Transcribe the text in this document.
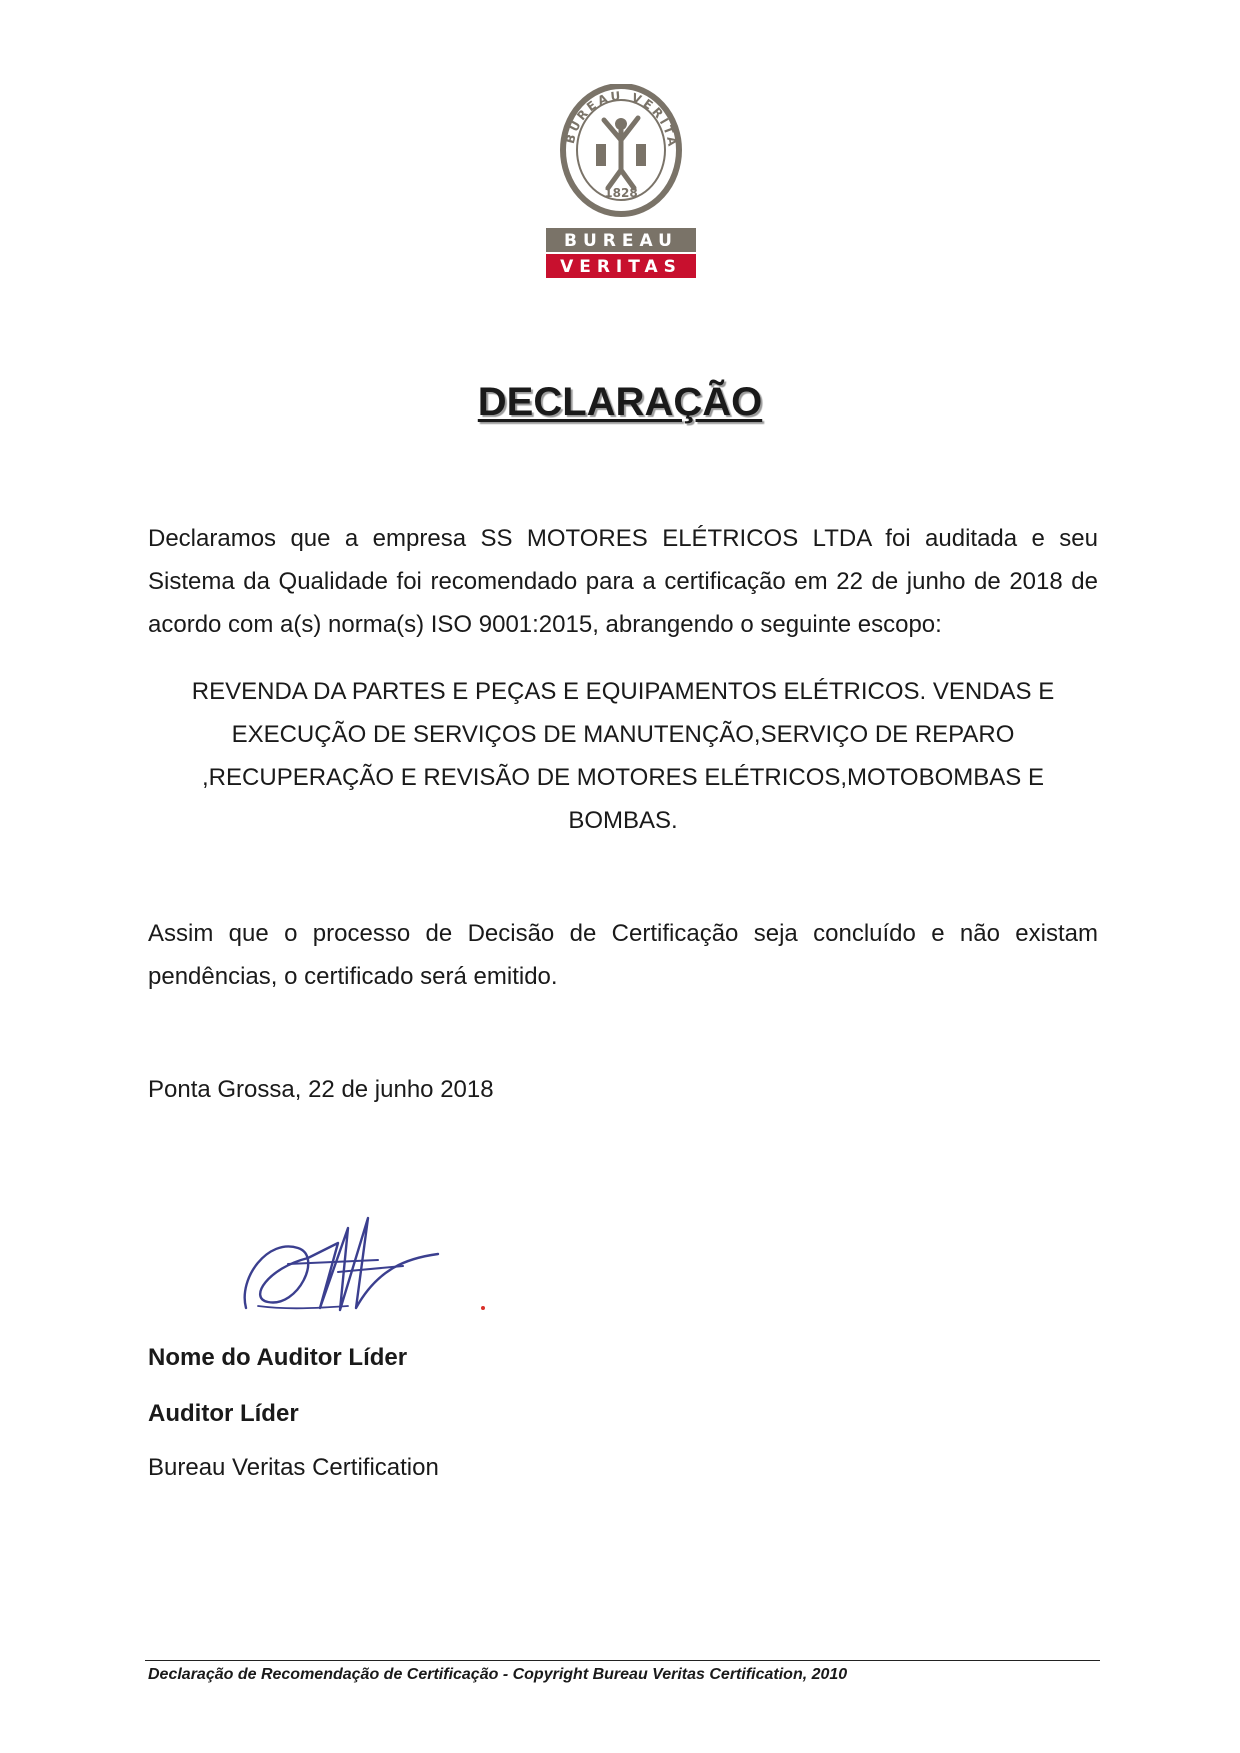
BUREAU VERITA
1828
BUREAU
VERITAS
DECLARAÇÃO

Declaramos que a empresa SS MOTORES ELÉTRICOS LTDA foi auditada e seu Sistema da Qualidade foi recomendado para a certificação em 22 de junho de 2018 de acordo com a(s) norma(s) ISO 9001:2015, abrangendo o seguinte escopo:

REVENDA DA PARTES E PEÇAS E EQUIPAMENTOS ELÉTRICOS. VENDAS E EXECUÇÃO DE SERVIÇOS DE MANUTENÇÃO,SERVIÇO DE REPARO ,RECUPERAÇÃO E REVISÃO DE MOTORES ELÉTRICOS,MOTOBOMBAS E BOMBAS.

Assim que o processo de Decisão de Certificação seja concluído e não existam pendências, o certificado será emitido.

Ponta Grossa, 22 de junho 2018

Nome do Auditor Líder

Auditor Líder

Bureau Veritas Certification

Declaração de Recomendação de Certificação - Copyright Bureau Veritas Certification, 2010
